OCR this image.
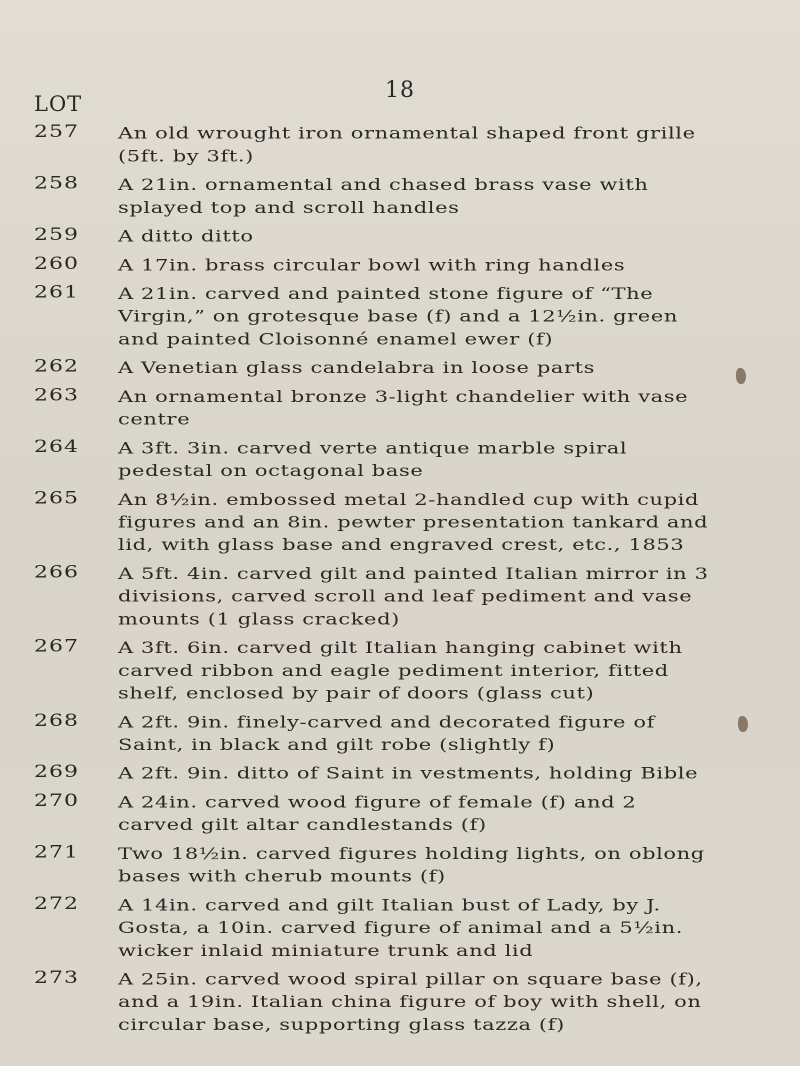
18
LOT
257 An old wrought iron ornamental shaped front grille (5ft. by 3ft.)
258 A 21in. ornamental and chased brass vase with splayed top and scroll handles
259 A ditto ditto
260 A 17in. brass circular bowl with ring handles
261 A 21in. carved and painted stone figure of “The Virgin,” on grotesque base (f) and a 12½in. green and painted Cloisonné enamel ewer (f)
262 A Venetian glass candelabra in loose parts
263 An ornamental bronze 3-light chandelier with vase centre
264 A 3ft. 3in. carved verte antique marble spiral pedestal on octagonal base
265 An 8½in. embossed metal 2-handled cup with cupid figures and an 8in. pewter presentation tankard and lid, with glass base and engraved crest, etc., 1853
266 A 5ft. 4in. carved gilt and painted Italian mirror in 3 divisions, carved scroll and leaf pediment and vase mounts (1 glass cracked)
267 A 3ft. 6in. carved gilt Italian hanging cabinet with carved ribbon and eagle pediment interior, fitted shelf, enclosed by pair of doors (glass cut)
268 A 2ft. 9in. finely-carved and decorated figure of Saint, in black and gilt robe (slightly f)
269 A 2ft. 9in. ditto of Saint in vestments, holding Bible
270 A 24in. carved wood figure of female (f) and 2 carved gilt altar candlestands (f)
271 Two 18½in. carved figures holding lights, on oblong bases with cherub mounts (f)
272 A 14in. carved and gilt Italian bust of Lady, by J. Gosta, a 10in. carved figure of animal and a 5½in. wicker inlaid miniature trunk and lid
273 A 25in. carved wood spiral pillar on square base (f), and a 19in. Italian china figure of boy with shell, on circular base, supporting glass tazza (f)
